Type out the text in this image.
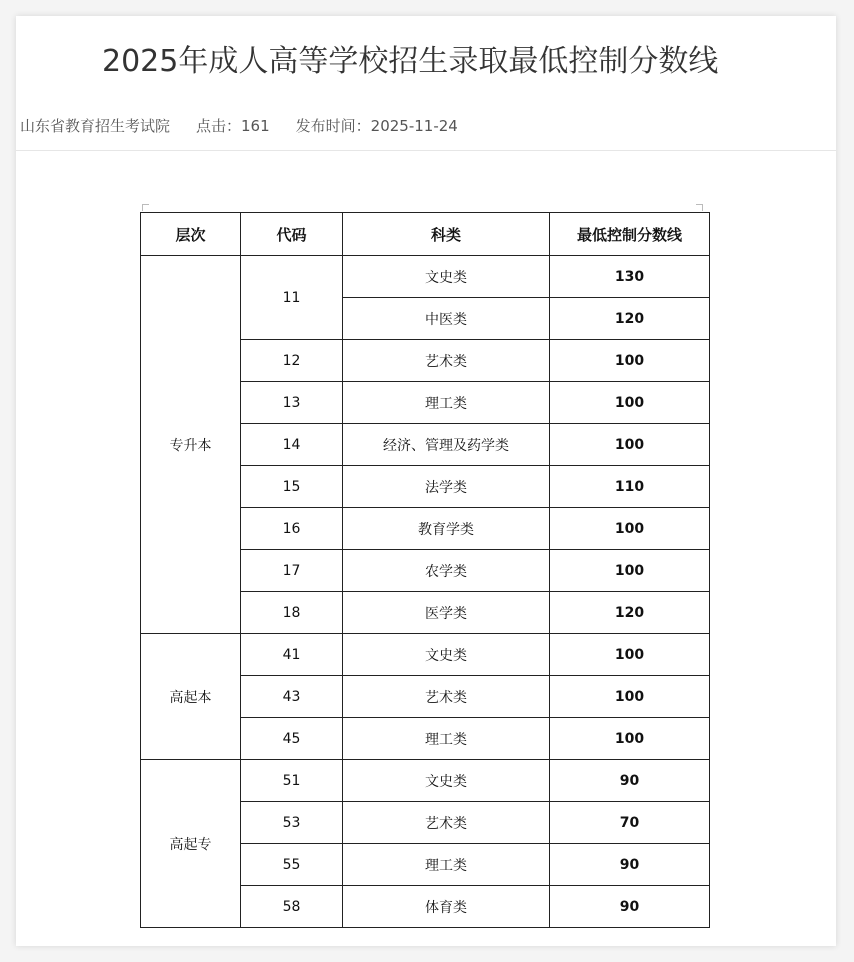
2025年成人高等学校招生录取最低控制分数线
山东省教育招生考试院 点击：161 发布时间：2025-11-24
层次	代码	科类	最低控制分数线
专升本	11	文史类	130
		中医类	120
	12	艺术类	100
	13	理工类	100
	14	经济、管理及药学类	100
	15	法学类	110
	16	教育学类	100
	17	农学类	100
	18	医学类	120
高起本	41	文史类	100
	43	艺术类	100
	45	理工类	100
高起专	51	文史类	90
	53	艺术类	70
	55	理工类	90
	58	体育类	90
